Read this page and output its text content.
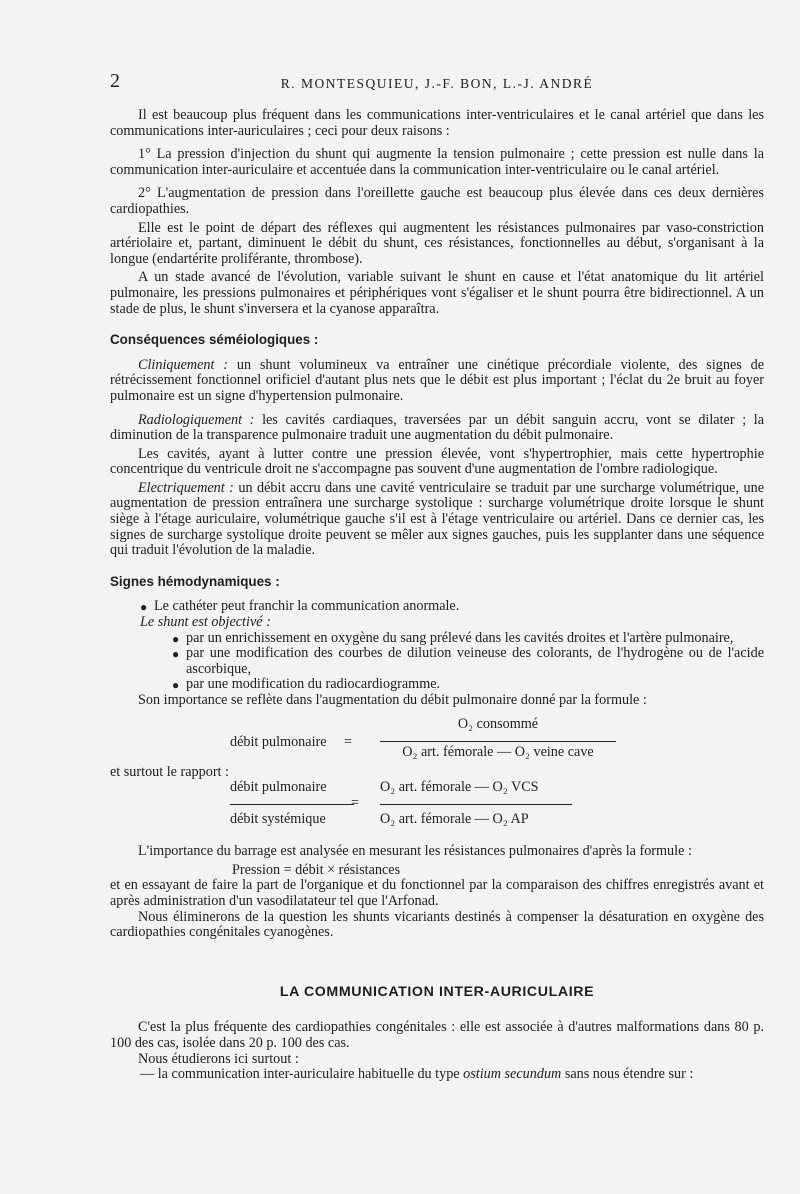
2	R. MONTESQUIEU, J.-F. BON, L.-J. ANDRÉ

Il est beaucoup plus fréquent dans les communications inter-ventriculaires et le canal artériel que dans les communications inter-auriculaires ; ceci pour deux raisons :

1° La pression d'injection du shunt qui augmente la tension pulmonaire ; cette pression est nulle dans la communication inter-auriculaire et accentuée dans la communication inter-ventriculaire ou le canal artériel.

2° L'augmentation de pression dans l'oreillette gauche est beaucoup plus élevée dans ces deux dernières cardiopathies.

Elle est le point de départ des réflexes qui augmentent les résistances pulmonaires par vaso-constriction artériolaire et, partant, diminuent le débit du shunt, ces résistances, fonctionnelles au début, s'organisant à la longue (endartérite proliférante, thrombose).

A un stade avancé de l'évolution, variable suivant le shunt en cause et l'état anatomique du lit artériel pulmonaire, les pressions pulmonaires et périphériques vont s'égaliser et le shunt pourra être bidirectionnel. A un stade de plus, le shunt s'inversera et la cyanose apparaîtra.

Conséquences séméiologiques :

Cliniquement : un shunt volumineux va entraîner une cinétique précordiale violente, des signes de rétrécissement fonctionnel orificiel d'autant plus nets que le débit est plus important ; l'éclat du 2e bruit au foyer pulmonaire est un signe d'hypertension pulmonaire.

Radiologiquement : les cavités cardiaques, traversées par un débit sanguin accru, vont se dilater ; la diminution de la transparence pulmonaire traduit une augmentation du débit pulmonaire.

Les cavités, ayant à lutter contre une pression élevée, vont s'hypertrophier, mais cette hypertrophie concentrique du ventricule droit ne s'accompagne pas souvent d'une augmentation de l'ombre radiologique.

Electriquement : un débit accru dans une cavité ventriculaire se traduit par une surcharge volumétrique, une augmentation de pression entraînera une surcharge systolique : surcharge volumétrique droite lorsque le shunt siège à l'étage auriculaire, volumétrique gauche s'il est à l'étage ventriculaire ou artériel. Dans ce dernier cas, les signes de surcharge systolique droite peuvent se mêler aux signes gauches, puis les supplanter dans une séquence qui traduit l'évolution de la maladie.

Signes hémodynamiques :

● Le cathéter peut franchir la communication anormale.

Le shunt est objectivé :

● par un enrichissement en oxygène du sang prélevé dans les cavités droites et l'artère pulmonaire,

● par une modification des courbes de dilution veineuse des colorants, de l'hydrogène ou de l'acide ascorbique,

● par une modification du radiocardiogramme.

Son importance se reflète dans l'augmentation du débit pulmonaire donné par la formule :

débit pulmonaire =
O₂ consommé
O₂ art. fémorale — O₂ veine cave

et surtout le rapport :

débit pulmonaire
débit systémique
=
O₂ art. fémorale — O₂ VCS
O₂ art. fémorale — O₂ AP

L'importance du barrage est analysée en mesurant les résistances pulmonaires d'après la formule :

Pression = débit × résistances

et en essayant de faire la part de l'organique et du fonctionnel par la comparaison des chiffres enregistrés avant et après administration d'un vasodilatateur tel que l'Arfonad.

Nous éliminerons de la question les shunts vicariants destinés à compenser la désaturation en oxygène des cardiopathies congénitales cyanogènes.

LA COMMUNICATION INTER-AURICULAIRE

C'est la plus fréquente des cardiopathies congénitales : elle est associée à d'autres malformations dans 80 p. 100 des cas, isolée dans 20 p. 100 des cas.

Nous étudierons ici surtout :

— la communication inter-auriculaire habituelle du type ostium secundum sans nous étendre sur :
